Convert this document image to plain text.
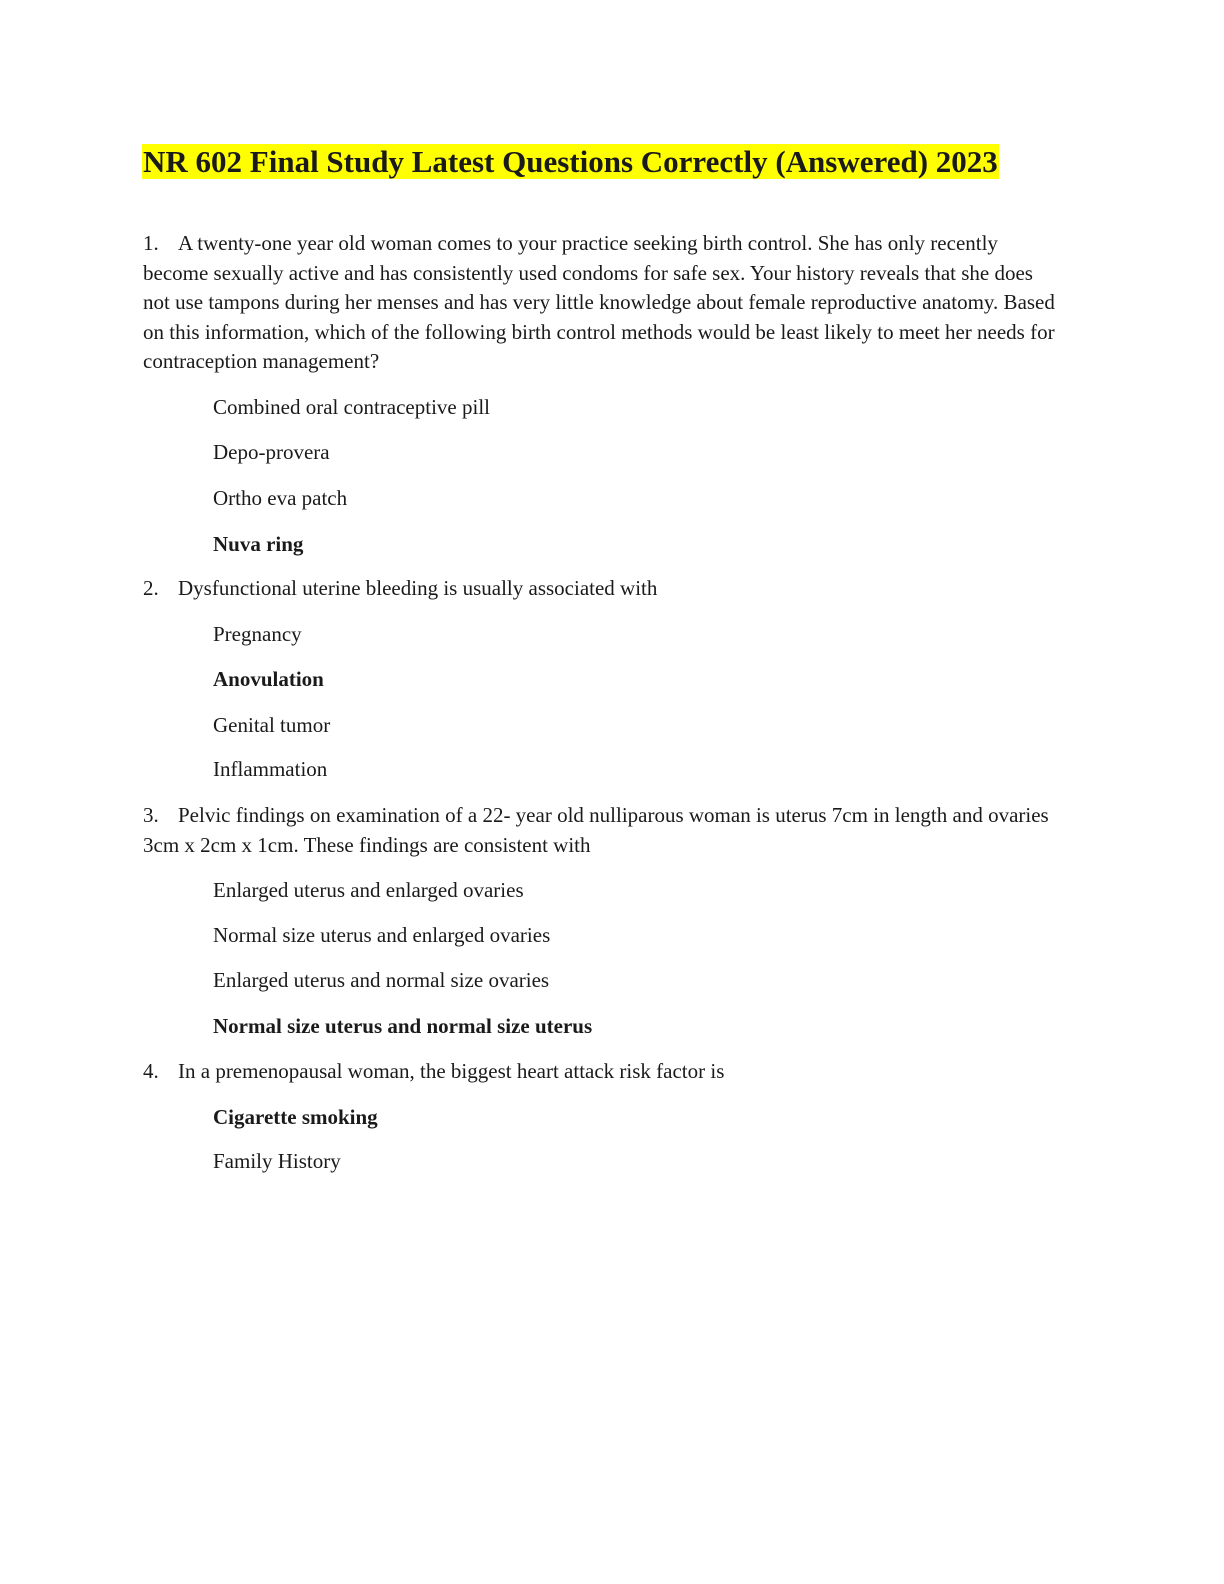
NR 602 Final Study Latest Questions Correctly (Answered) 2023

1. A twenty-one year old woman comes to your practice seeking birth control. She has only recently become sexually active and has consistently used condoms for safe sex. Your history reveals that she does not use tampons during her menses and has very little knowledge about female reproductive anatomy. Based on this information, which of the following birth control methods would be least likely to meet her needs for contraception management?

Combined oral contraceptive pill

Depo-provera

Ortho eva patch

Nuva ring

2. Dysfunctional uterine bleeding is usually associated with

Pregnancy

Anovulation

Genital tumor

Inflammation

3. Pelvic findings on examination of a 22- year old nulliparous woman is uterus 7cm in length and ovaries 3cm x 2cm x 1cm. These findings are consistent with

Enlarged uterus and enlarged ovaries

Normal size uterus and enlarged ovaries

Enlarged uterus and normal size ovaries

Normal size uterus and normal size uterus

4. In a premenopausal woman, the biggest heart attack risk factor is

Cigarette smoking

Family History
